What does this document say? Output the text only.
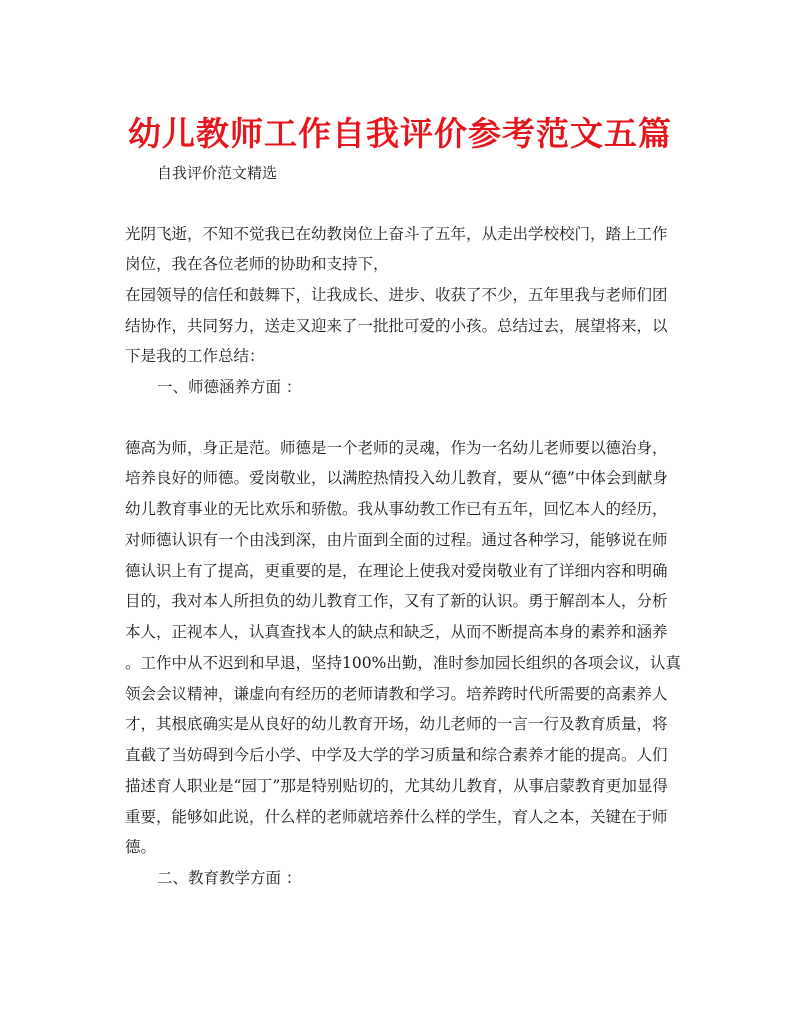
幼儿教师工作自我评价参考范文五篇
自我评价范文精选
光阴飞逝，不知不觉我已在幼教岗位上奋斗了五年，从走出学校校门，踏上工作
岗位，我在各位老师的协助和支持下，
在园领导的信任和鼓舞下，让我成长、进步、收获了不少，五年里我与老师们团
结协作，共同努力，送走又迎来了一批批可爱的小孩。总结过去，展望将来，以
下是我的工作总结：
一、师德涵养方面 ：
德高为师，身正是范。师德是一个老师的灵魂，作为一名幼儿老师要以德治身，
培养良好的师德。爱岗敬业，以满腔热情投入幼儿教育，要从“德”中体会到献身
幼儿教育事业的无比欢乐和骄傲。我从事幼教工作已有五年，回忆本人的经历，
对师德认识有一个由浅到深，由片面到全面的过程。通过各种学习，能够说在师
德认识上有了提高，更重要的是，在理论上使我对爱岗敬业有了详细内容和明确
目的，我对本人所担负的幼儿教育工作，又有了新的认识。勇于解剖本人，分析
本人，正视本人，认真查找本人的缺点和缺乏，从而不断提高本身的素养和涵养
。工作中从不迟到和早退，坚持100%出勤，准时参加园长组织的各项会议，认真
领会会议精神，谦虚向有经历的老师请教和学习。培养跨时代所需要的高素养人
才，其根底确实是从良好的幼儿教育开场，幼儿老师的一言一行及教育质量，将
直截了当妨碍到今后小学、中学及大学的学习质量和综合素养才能的提高。人们
描述育人职业是“园丁”那是特别贴切的，尤其幼儿教育，从事启蒙教育更加显得
重要，能够如此说，什么样的老师就培养什么样的学生，育人之本，关键在于师
德。
二、教育教学方面 ：
